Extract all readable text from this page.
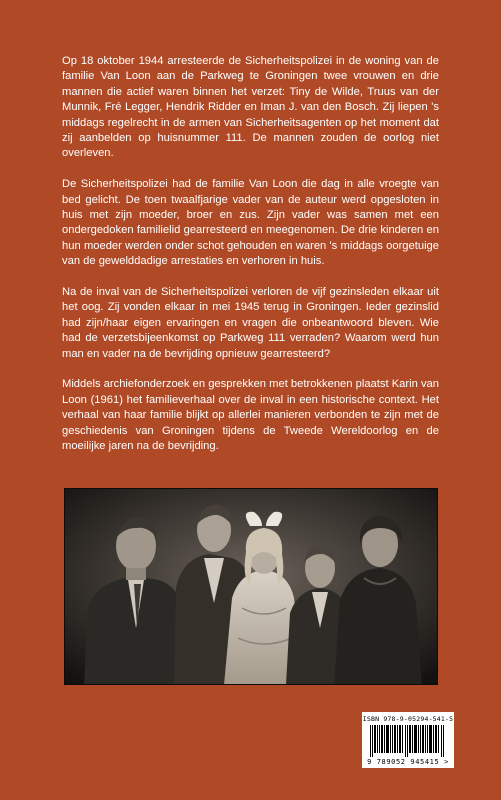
Op 18 oktober 1944 arresteerde de Sicherheitspolizei in de woning van de familie Van Loon aan de Parkweg te Groningen twee vrouwen en drie mannen die actief waren binnen het verzet: Tiny de Wilde, Truus van der Munnik, Fré Legger, Hendrik Ridder en Iman J. van den Bosch. Zij liepen 's middags regelrecht in de armen van Sicherheitsagenten op het moment dat zij aanbelden op huisnummer 111. De mannen zouden de oorlog niet overleven.

De Sicherheitspolizei had de familie Van Loon die dag in alle vroegte van bed gelicht. De toen twaalfjarige vader van de auteur werd opgesloten in huis met zijn moeder, broer en zus. Zijn vader was samen met een ondergedoken familielid gearresteerd en meegenomen. De drie kinderen en hun moeder werden onder schot gehouden en waren 's middags oorgetuige van de gewelddadige arrestaties en verhoren in huis.

Na de inval van de Sicherheitspolizei verloren de vijf gezinsleden elkaar uit het oog. Zij vonden elkaar in mei 1945 terug in Groningen. Ieder gezinslid had zijn/haar eigen ervaringen en vragen die onbeantwoord bleven. Wie had de verzetsbijeenkomst op Parkweg 111 verraden? Waarom werd hun man en vader na de bevrijding opnieuw gearresteerd?

Middels archiefonderzoek en gesprekken met betrokkenen plaatst Karin van Loon (1961) het familieverhaal over de inval in een historische context. Het verhaal van haar familie blijkt op allerlei manieren verbonden te zijn met de geschiedenis van Groningen tijdens de Tweede Wereldoorlog en de moeilijke jaren na de bevrijding.

ISBN 978-9-05294-541-5
9 789052 945415 >
